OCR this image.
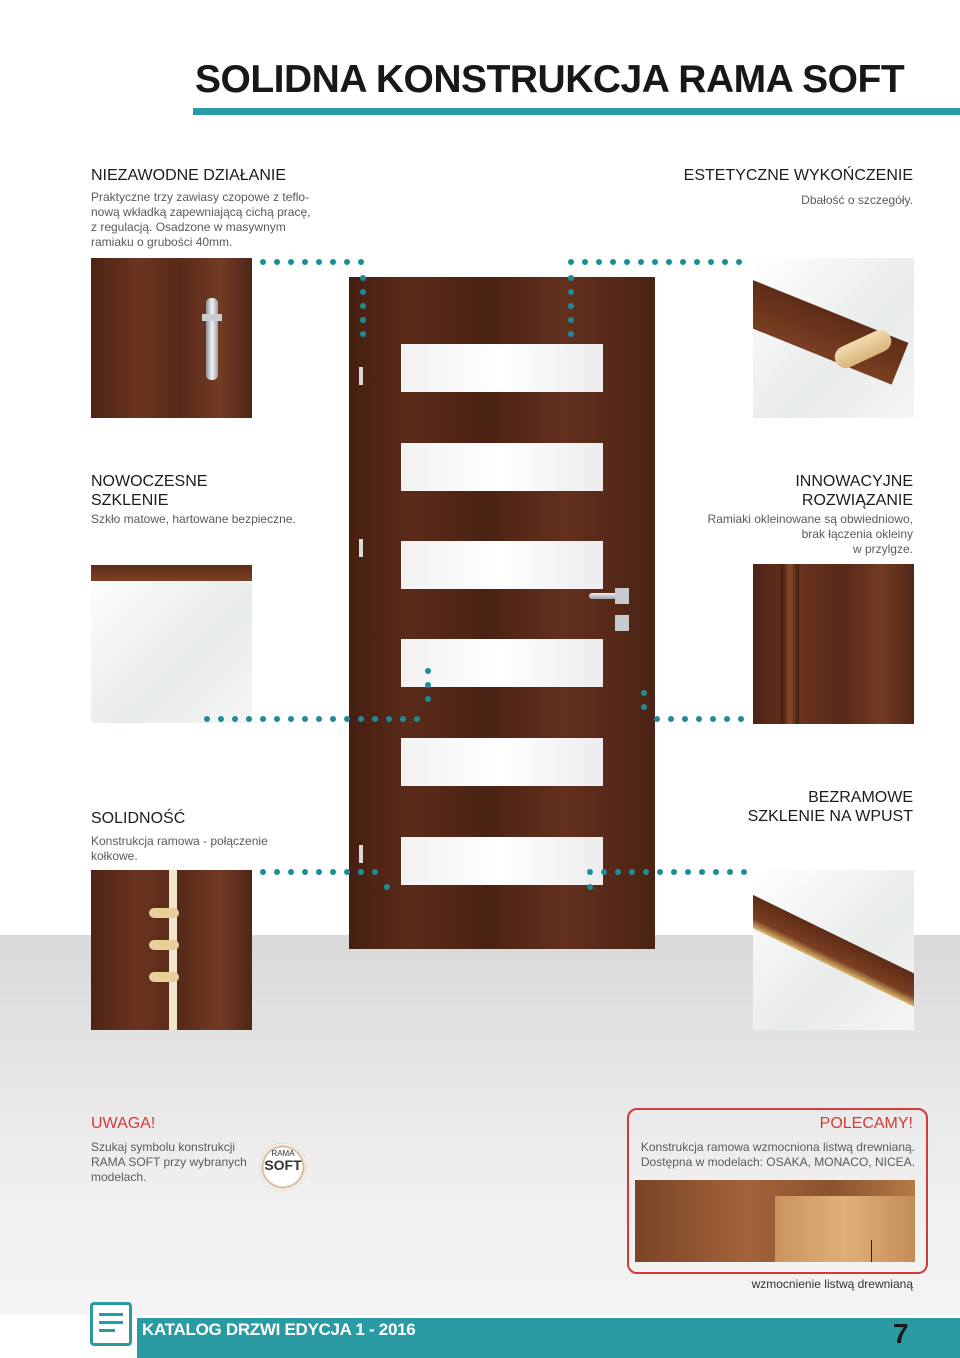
SOLIDNA KONSTRUKCJA RAMA SOFT
NIEZAWODNE DZIAŁANIE
Praktyczne trzy zawiasy czopowe z teflo-
nową wkładką zapewniającą cichą pracę,
z regulacją. Osadzone w masywnym
ramiaku o grubości 40mm.
ESTETYCZNE WYKOŃCZENIE
Dbałość o szczegóły.
NOWOCZESNE
SZKLENIE
Szkło matowe, hartowane bezpieczne.
INNOWACYJNE
ROZWIĄZANIE
Ramiaki okleinowane są obwiedniowo,
brak łączenia okleiny
w przylgze.
SOLIDNOŚĆ
Konstrukcja ramowa - połączenie
kołkowe.
BEZRAMOWE
SZKLENIE NA WPUST
UWAGA!
Szukaj symbolu konstrukcji
RAMA SOFT przy wybranych
modelach.
RAMA
SOFT
POLECAMY!
Konstrukcja ramowa wzmocniona listwą drewnianą.
Dostępna w modelach: OSAKA, MONACO, NICEA.
wzmocnienie listwą drewnianą
KATALOG DRZWI EDYCJA 1 - 2016	7
